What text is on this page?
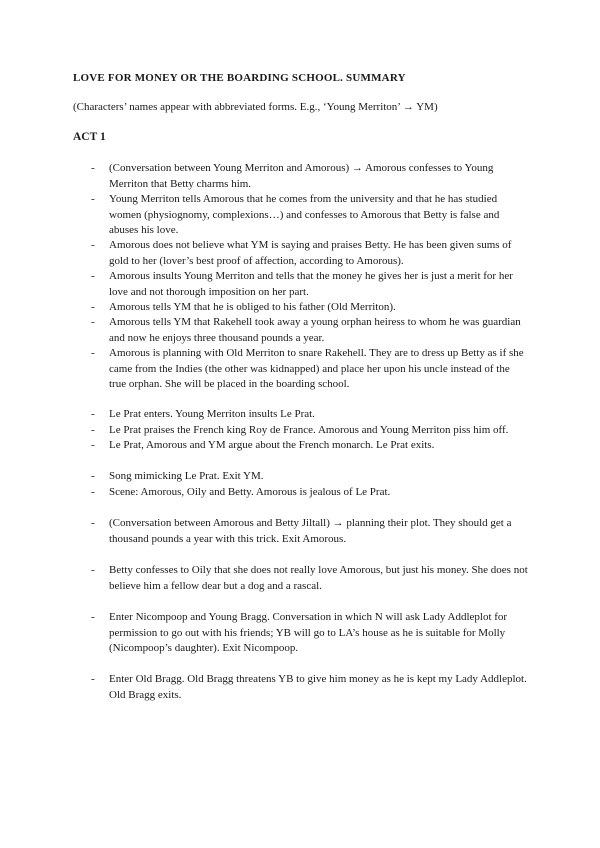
LOVE FOR MONEY OR THE BOARDING SCHOOL. SUMMARY
(Characters’ names appear with abbreviated forms. E.g., ‘Young Merriton’ → YM)
ACT 1
- (Conversation between Young Merriton and Amorous) → Amorous confesses to Young Merriton that Betty charms him.
- Young Merriton tells Amorous that he comes from the university and that he has studied women (physiognomy, complexions…) and confesses to Amorous that Betty is false and abuses his love.
- Amorous does not believe what YM is saying and praises Betty. He has been given sums of gold to her (lover’s best proof of affection, according to Amorous).
- Amorous insults Young Merriton and tells that the money he gives her is just a merit for her love and not thorough imposition on her part.
- Amorous tells YM that he is obliged to his father (Old Merriton).
- Amorous tells YM that Rakehell took away a young orphan heiress to whom he was guardian and now he enjoys three thousand pounds a year.
- Amorous is planning with Old Merriton to snare Rakehell. They are to dress up Betty as if she came from the Indies (the other was kidnapped) and place her upon his uncle instead of the true orphan. She will be placed in the boarding school.
- Le Prat enters. Young Merriton insults Le Prat.
- Le Prat praises the French king Roy de France. Amorous and Young Merriton piss him off.
- Le Prat, Amorous and YM argue about the French monarch. Le Prat exits.
- Song mimicking Le Prat. Exit YM.
- Scene: Amorous, Oily and Betty. Amorous is jealous of Le Prat.
- (Conversation between Amorous and Betty Jiltall) → planning their plot. They should get a thousand pounds a year with this trick. Exit Amorous.
- Betty confesses to Oily that she does not really love Amorous, but just his money. She does not believe him a fellow dear but a dog and a rascal.
- Enter Nicompoop and Young Bragg. Conversation in which N will ask Lady Addleplot for permission to go out with his friends; YB will go to LA’s house as he is suitable for Molly (Nicompoop’s daughter). Exit Nicompoop.
- Enter Old Bragg. Old Bragg threatens YB to give him money as he is kept my Lady Addleplot. Old Bragg exits.
